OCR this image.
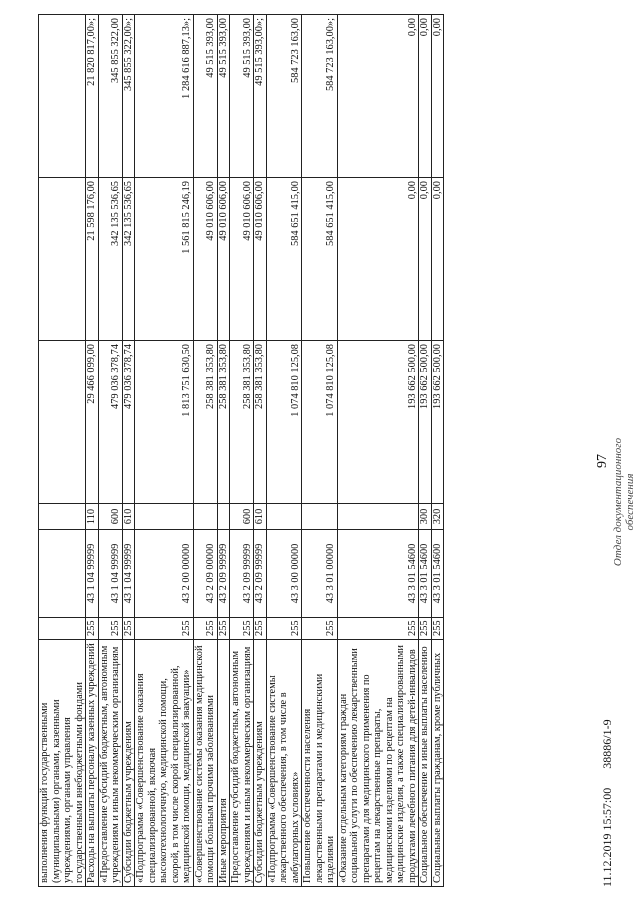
выполнения функций государственными (муниципальными) органами, казенными учреждениями, органами управления государственными внебюджетными фондами						
Расходы на выплаты персоналу казенных учреждений	255	43 1 04 99999	110	29 466 099,00	21 598 176,00	21 820 817,00»;
«Предоставление субсидий бюджетным, автономным учреждениям и иным некоммерческим организациям	255	43 1 04 99999	600	479 036 378,74	342 135 536,65	345 855 322,00
Субсидии бюджетным учреждениям	255	43 1 04 99999	610	479 036 378,74	342 135 536,65	345 855 322,00»;
«Подпрограмма «Совершенствование оказания специализированной, включая высокотехнологичную, медицинской помощи, скорой, в том числе скорой специализированной, медицинской помощи, медицинской эвакуации»	255	43 2 00 00000		1 813 751 630,50	1 561 815 246,19	1 284 616 887,13»;
«Совершенствование системы оказания медицинской помощи больным прочими заболеваниями	255	43 2 09 00000		258 381 353,80	49 010 606,00	49 515 393,00
Иные мероприятия	255	43 2 09 99999		258 381 353,80	49 010 606,00	49 515 393,00
Предоставление субсидий бюджетным, автономным учреждениям и иным некоммерческим организациям	255	43 2 09 99999	600	258 381 353,80	49 010 606,00	49 515 393,00
Субсидии бюджетным учреждениям	255	43 2 09 99999	610	258 381 353,80	49 010 606,00	49 515 393,00»;
«Подпрограмма «Совершенствование системы лекарственного обеспечения, в том числе в амбулаторных условиях»	255	43 3 00 00000		1 074 810 125,08	584 651 415,00	584 723 163,00
Повышение обеспеченности населения лекарственными препаратами и медицинскими изделиями	255	43 3 01 00000		1 074 810 125,08	584 651 415,00	584 723 163,00»;
«Оказание отдельным категориям граждан социальной услуги по обеспечению лекарственными препаратами для медицинского применения по рецептам на лекарственные препараты, медицинскими изделиями по рецептам на медицинские изделия, а также специализированными продуктами лечебного питания для детей-инвалидов	255	43 3 01 54600		193 662 500,00	0,00	0,00
Социальное обеспечение и иные выплаты населению	255	43 3 01 54600	300	193 662 500,00	0,00	0,00
Социальные выплаты гражданам, кроме публичных	255	43 3 01 54600	320	193 662 500,00	0,00	0,00
97 Отдел документационного обеспечения
11.12.2019 15:57:00 38886/1-9
